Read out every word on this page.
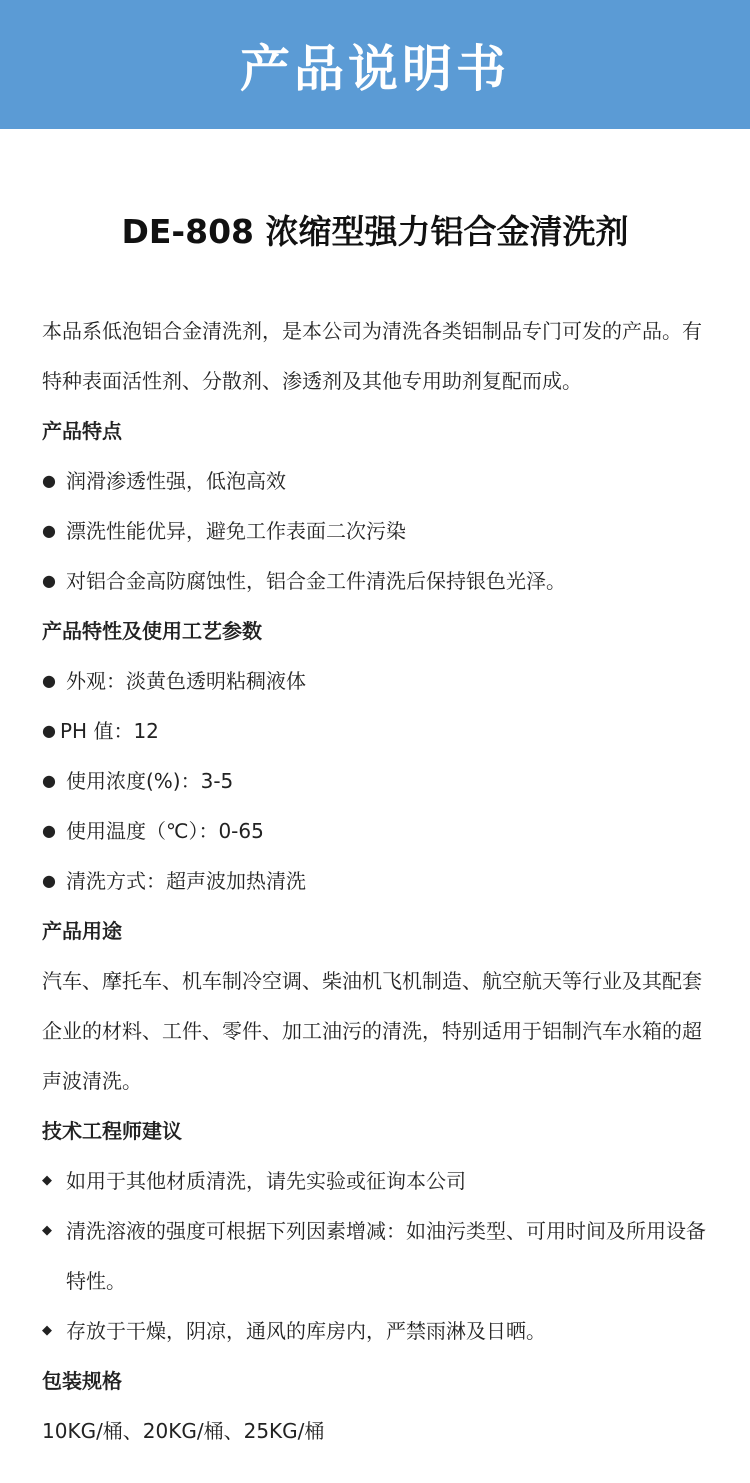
产品说明书
DE-808 浓缩型强力铝合金清洗剂

本品系低泡铝合金清洗剂，是本公司为清洗各类铝制品专门可发的产品。有特种表面活性剂、分散剂、渗透剂及其他专用助剂复配而成。

产品特点

● 润滑渗透性强，低泡高效
● 漂洗性能优异，避免工作表面二次污染
● 对铝合金高防腐蚀性，铝合金工件清洗后保持银色光泽。

产品特性及使用工艺参数

● 外观：淡黄色透明粘稠液体
● PH 值：12
● 使用浓度(%)：3-5
● 使用温度（℃）：0-65
● 清洗方式：超声波加热清洗

产品用途

汽车、摩托车、机车制冷空调、柴油机飞机制造、航空航天等行业及其配套企业的材料、工件、零件、加工油污的清洗，特别适用于铝制汽车水箱的超声波清洗。

技术工程师建议

◆ 如用于其他材质清洗，请先实验或征询本公司
◆ 清洗溶液的强度可根据下列因素增减：如油污类型、可用时间及所用设备特性。
◆ 存放于干燥，阴凉，通风的库房内，严禁雨淋及日晒。

包装规格

10KG/桶、20KG/桶、25KG/桶
